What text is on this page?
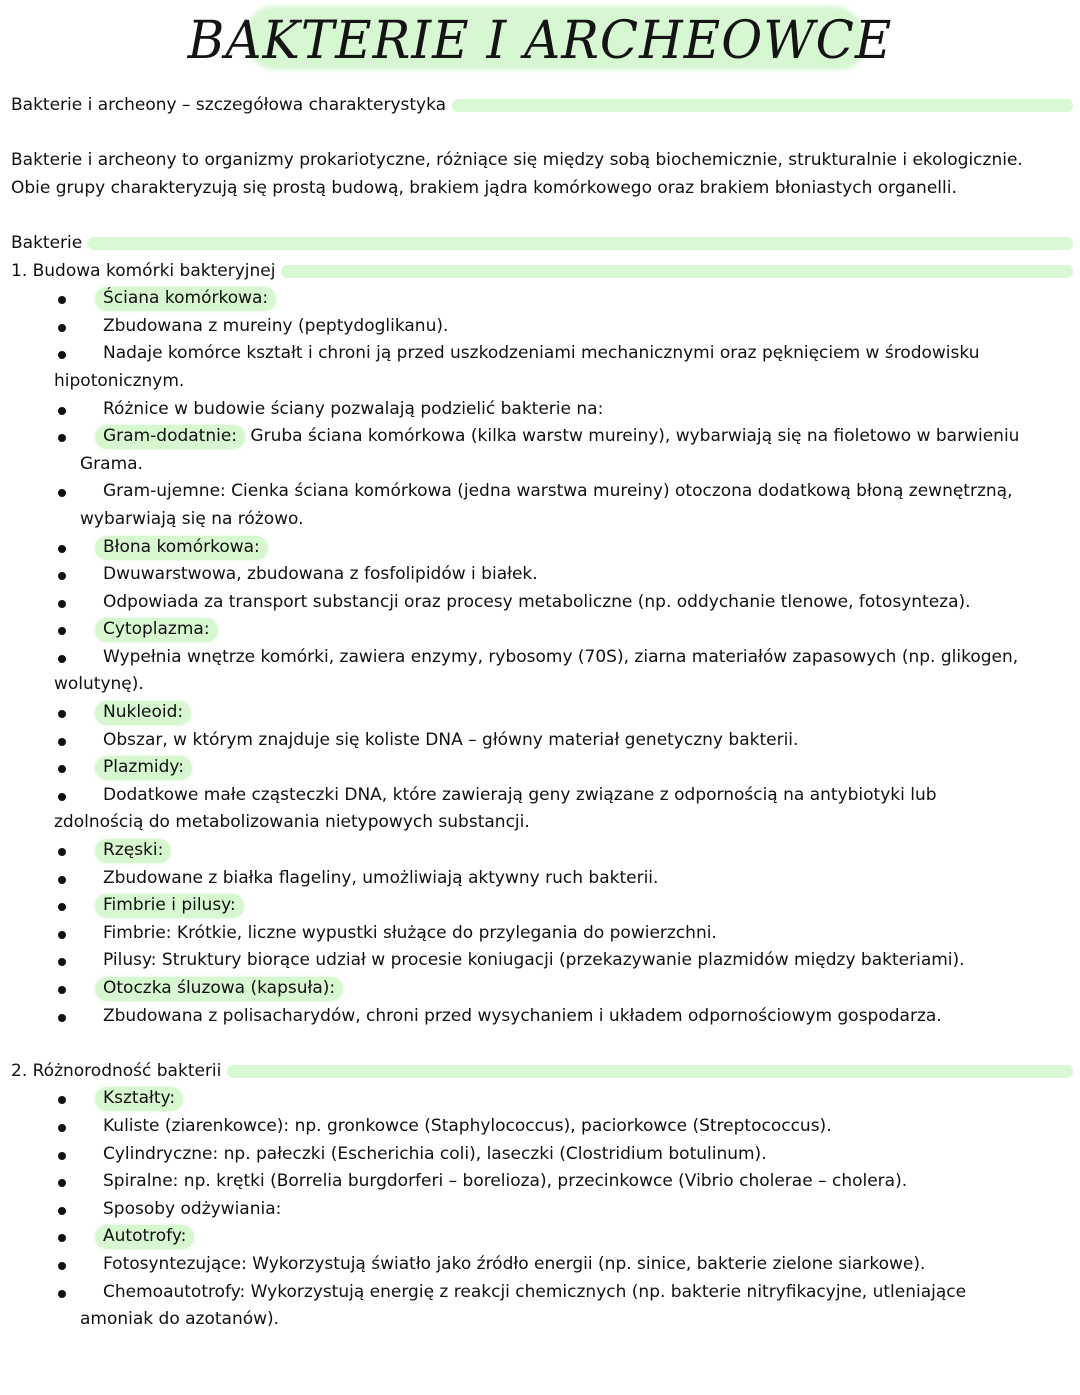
BAKTERIE I ARCHEOWCE
Bakterie i archeony – szczegółowa charakterystyka
Bakterie i archeony to organizmy prokariotyczne, różniące się między sobą biochemicznie, strukturalnie i ekologicznie. Obie grupy charakteryzują się prostą budową, brakiem jądra komórkowego oraz brakiem błoniastych organelli.
Bakterie
1. Budowa komórki bakteryjnej
Ściana komórkowa:
Zbudowana z mureiny (peptydoglikanu).
Nadaje komórce kształt i chroni ją przed uszkodzeniami mechanicznymi oraz pęknięciem w środowisku
hipotonicznym.
Różnice w budowie ściany pozwalają podzielić bakterie na:
Gram-dodatnie: Gruba ściana komórkowa (kilka warstw mureiny), wybarwiają się na fioletowo w barwieniu
Grama.
Gram-ujemne: Cienka ściana komórkowa (jedna warstwa mureiny) otoczona dodatkową błoną zewnętrzną,
wybarwiają się na różowo.
Błona komórkowa:
Dwuwarstwowa, zbudowana z fosfolipidów i białek.
Odpowiada za transport substancji oraz procesy metaboliczne (np. oddychanie tlenowe, fotosynteza).
Cytoplazma:
Wypełnia wnętrze komórki, zawiera enzymy, rybosomy (70S), ziarna materiałów zapasowych (np. glikogen,
wolutynę).
Nukleoid:
Obszar, w którym znajduje się koliste DNA – główny materiał genetyczny bakterii.
Plazmidy:
Dodatkowe małe cząsteczki DNA, które zawierają geny związane z odpornością na antybiotyki lub
zdolnością do metabolizowania nietypowych substancji.
Rzęski:
Zbudowane z białka flageliny, umożliwiają aktywny ruch bakterii.
Fimbrie i pilusy:
Fimbrie: Krótkie, liczne wypustki służące do przylegania do powierzchni.
Pilusy: Struktury biorące udział w procesie koniugacji (przekazywanie plazmidów między bakteriami).
Otoczka śluzowa (kapsuła):
Zbudowana z polisacharydów, chroni przed wysychaniem i układem odpornościowym gospodarza.
2. Różnorodność bakterii
Kształty:
Kuliste (ziarenkowce): np. gronkowce (Staphylococcus), paciorkowce (Streptococcus).
Cylindryczne: np. pałeczki (Escherichia coli), laseczki (Clostridium botulinum).
Spiralne: np. krętki (Borrelia burgdorferi – borelioza), przecinkowce (Vibrio cholerae – cholera).
Sposoby odżywiania:
Autotrofy:
Fotosyntezujące: Wykorzystują światło jako źródło energii (np. sinice, bakterie zielone siarkowe).
Chemoautotrofy: Wykorzystują energię z reakcji chemicznych (np. bakterie nitryfikacyjne, utleniające
amoniak do azotanów).
